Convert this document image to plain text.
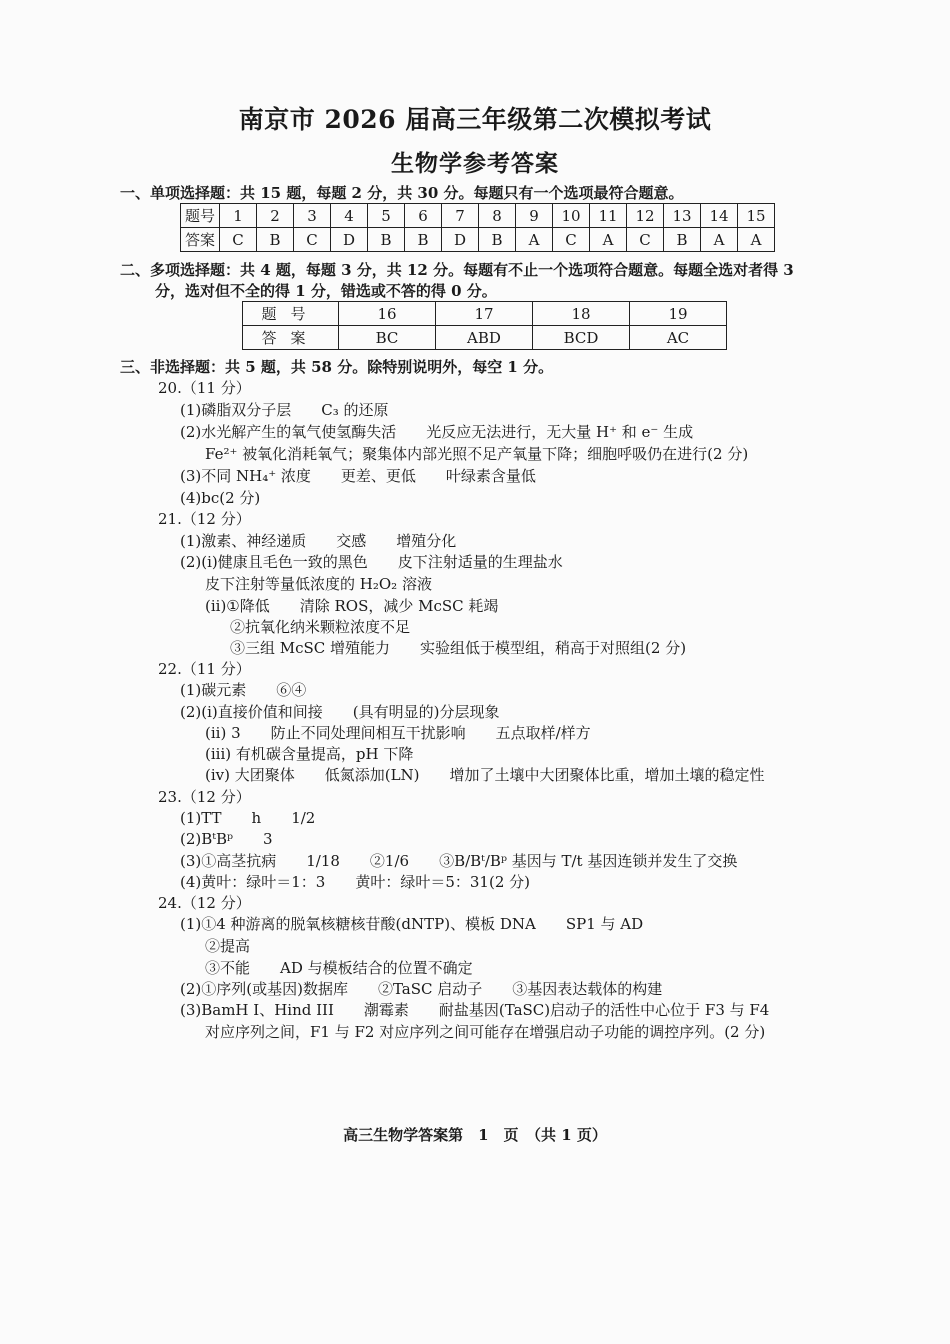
南京市 2026 届高三年级第二次模拟考试
生物学参考答案
一、单项选择题：共 15 题，每题 2 分，共 30 分。每题只有一个选项最符合题意。
题号	1	2	3	4	5	6	7	8	9	10	11	12	13	14	15
答案	C	B	C	D	B	B	D	B	A	C	A	C	B	A	A
二、多项选择题：共 4 题，每题 3 分，共 12 分。每题有不止一个选项符合题意。每题全选对者得 3
分，选对但不全的得 1 分，错选或不答的得 0 分。
题号	16	17	18	19
答案	BC	ABD	BCD	AC
三、非选择题：共 5 题，共 58 分。除特别说明外，每空 1 分。
20.（11 分）
(1)磷脂双分子层　　C₃ 的还原
(2)水光解产生的氧气使氢酶失活　　光反应无法进行，无大量 H⁺ 和 e⁻ 生成
Fe²⁺ 被氧化消耗氧气；聚集体内部光照不足产氧量下降；细胞呼吸仍在进行(2 分)
(3)不同 NH₄⁺ 浓度　　更差、更低　　叶绿素含量低
(4)bc(2 分)
21.（12 分）
(1)激素、神经递质　　交感　　增殖分化
(2)(i)健康且毛色一致的黑色　　皮下注射适量的生理盐水
皮下注射等量低浓度的 H₂O₂ 溶液
(ii)①降低　　清除 ROS，减少 McSC 耗竭
②抗氧化纳米颗粒浓度不足
③三组 McSC 增殖能力　　实验组低于模型组，稍高于对照组(2 分)
22.（11 分）
(1)碳元素　　⑥④
(2)(i)直接价值和间接　　(具有明显的)分层现象
(ii) 3　　防止不同处理间相互干扰影响　　五点取样/样方
(iii) 有机碳含量提高，pH 下降
(iv) 大团聚体　　低氮添加(LN)　　增加了土壤中大团聚体比重，增加土壤的稳定性
23.（12 分）
(1)TT　　h　　1/2
(2)BᵗBᵖ　　3
(3)①高茎抗病　　1/18　　②1/6　　③B/Bᵗ/Bᵖ 基因与 T/t 基因连锁并发生了交换
(4)黄叶：绿叶＝1：3　　黄叶：绿叶＝5：31(2 分)
24.（12 分）
(1)①4 种游离的脱氧核糖核苷酸(dNTP)、模板 DNA　　SP1 与 AD
②提高
③不能　　AD 与模板结合的位置不确定
(2)①序列(或基因)数据库　　②TaSC 启动子　　③基因表达载体的构建
(3)BamH I、Hind III　　潮霉素　　耐盐基因(TaSC)启动子的活性中心位于 F3 与 F4
对应序列之间，F1 与 F2 对应序列之间可能存在增强启动子功能的调控序列。(2 分)
高三生物学答案第　1　页　（共 1 页）
